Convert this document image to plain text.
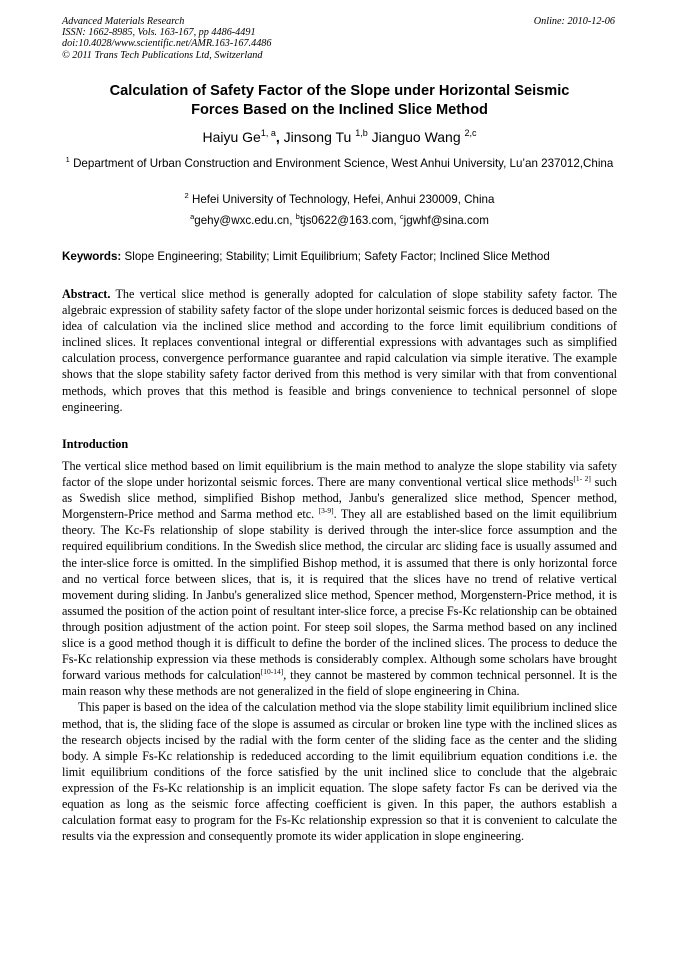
Advanced Materials Research
ISSN: 1662-8985, Vols. 163-167, pp 4486-4491
doi:10.4028/www.scientific.net/AMR.163-167.4486
© 2011 Trans Tech Publications Ltd, Switzerland
Online: 2010-12-06
Calculation of Safety Factor of the Slope under Horizontal Seismic
Forces Based on the Inclined Slice Method
Haiyu Ge$^{1, a}$, Jinsong Tu $^{1,b}$ Jianguo Wang $^{2,c}$
$^1$ Department of Urban Construction and Environment Science, West Anhui University, Lu’an 237012,China
$^2$ Hefei University of Technology, Hefei, Anhui 230009, China
$^a$gehy@wxc.edu.cn, $^b$tjs0622@163.com, $^c$jgwhf@sina.com
Keywords: Slope Engineering; Stability; Limit Equilibrium; Safety Factor; Inclined Slice Method
Abstract. The vertical slice method is generally adopted for calculation of slope stability safety factor. The algebraic expression of stability safety factor of the slope under horizontal seismic forces is deduced based on the idea of calculation via the inclined slice method and according to the force limit equilibrium conditions of inclined slices. It replaces conventional integral or differential expressions with advantages such as simplified calculation process, convergence performance guarantee and rapid calculation via simple iterative. The example shows that the slope stability safety factor derived from this method is very similar with that from conventional methods, which proves that this method is feasible and brings convenience to technical personnel of slope engineering.
Introduction

The vertical slice method based on limit equilibrium is the main method to analyze the slope stability via safety factor of the slope under horizontal seismic forces. There are many conventional vertical slice methods[1- 2] such as Swedish slice method, simplified Bishop method, Janbu's generalized slice method, Spencer method, Morgenstern-Price method and Sarma method etc. [3-9]. They all are established based on the limit equilibrium theory. The Kc-Fs relationship of slope stability is derived through the inter-slice force assumption and the required equilibrium conditions. In the Swedish slice method, the circular arc sliding face is usually assumed and the inter-slice force is omitted. In the simplified Bishop method, it is assumed that there is only horizontal force and no vertical force between slices, that is, it is required that the slices have no trend of relative vertical movement during sliding. In Janbu's generalized slice method, Spencer method, Morgenstern-Price method, it is assumed the position of the action point of resultant inter-slice force, a precise Fs-Kc relationship can be obtained through position adjustment of the action point. For steep soil slopes, the Sarma method based on any inclined slice is a good method though it is difficult to define the border of the inclined slices. The process to deduce the Fs-Kc relationship expression via these methods is considerably complex. Although some scholars have brought forward various methods for calculation[10-14], they cannot be mastered by common technical personnel. It is the main reason why these methods are not generalized in the field of slope engineering in China.

This paper is based on the idea of the calculation method via the slope stability limit equilibrium inclined slice method, that is, the sliding face of the slope is assumed as circular or broken line type with the inclined slices as the research objects incised by the radial with the form center of the sliding face as the center and the sliding body. A simple Fs-Kc relationship is rededuced according to the limit equilibrium equation conditions i.e. the limit equilibrium conditions of the force satisfied by the unit inclined slice to conclude that the algebraic expression of the Fs-Kc relationship is an implicit equation. The slope safety factor Fs can be derived via the equation as long as the seismic force affecting coefficient is given. In this paper, the authors establish a calculation format easy to program for the Fs-Kc relationship expression so that it is convenient to calculate the results via the expression and consequently promote its wider application in slope engineering.
